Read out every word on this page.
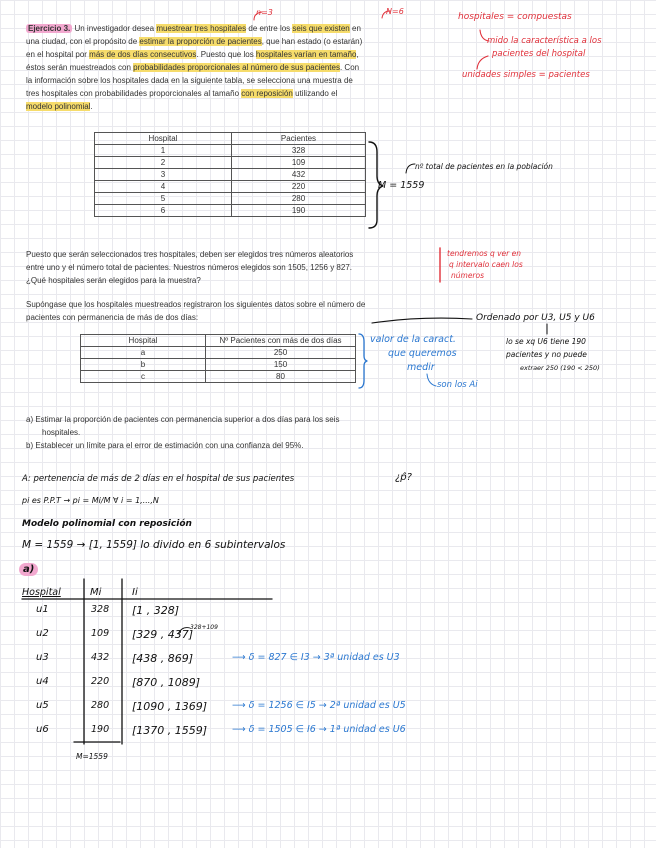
Ejercicio 3. Un investigador desea muestrear tres hospitales de entre los seis que existen en
una ciudad, con el propósito de estimar la proporción de pacientes, que han estado (o estarán)
en el hospital por más de dos días consecutivos. Puesto que los hospitales varían en tamaño,
éstos serán muestreados con probabilidades proporcionales al número de sus pacientes. Con
la información sobre los hospitales dada en la siguiente tabla, se selecciona una muestra de
tres hospitales con probabilidades proporcionales al tamaño con reposición utilizando el
modelo polinomial.
Hospital	Pacientes
1	328
2	109
3	432
4	220
5	280
6	190
Puesto que serán seleccionados tres hospitales, deben ser elegidos tres números aleatorios
entre uno y el número total de pacientes. Nuestros números elegidos son 1505, 1256 y 827.
¿Qué hospitales serán elegidos para la muestra?
Supóngase que los hospitales muestreados registraron los siguientes datos sobre el número de
pacientes con permanencia de más de dos días:
Hospital	Nº Pacientes con más de dos días
a	250
b	150
c	80
a) Estimar la proporción de pacientes con permanencia superior a dos días para los seis
hospitales.
b) Establecer un límite para el error de estimación con una confianza del 95%.
n=3	N=6
hospitales = compuestas
mido la característica a los
pacientes del hospital
unidades simples = pacientes
tendremos q ver en
q intervalo caen los
números
nº total de pacientes en la población
M = 1559
Ordenado por U3, U5 y U6
lo se xq U6 tiene 190
pacientes y no puede
extraer 250 (190 < 250)
valor de la caract.
que queremos
medir
son los Ai
A: pertenencia de más de 2 días en el hospital de sus pacientes	¿p̂?
pi es P.P.T → pi = Mi/M ∀ i = 1,...,N
Modelo polinomial con reposición
M = 1559 → [1, 1559] lo divido en 6 subintervalos
a)
Hospital	Mi	Ii
328+109
u1	328 [1 , 328]
u2	109 [329 , 437]
u3	432 [438 , 869]	⟶ δ = 827 ∈ I3 → 3ª unidad es U3
u4	220 [870 , 1089]
u5	280 [1090 , 1369]	⟶ δ = 1256 ∈ I5 → 2ª unidad es U5
u6	190 [1370 , 1559]	⟶ δ = 1505 ∈ I6 → 1ª unidad es U6
M=1559
